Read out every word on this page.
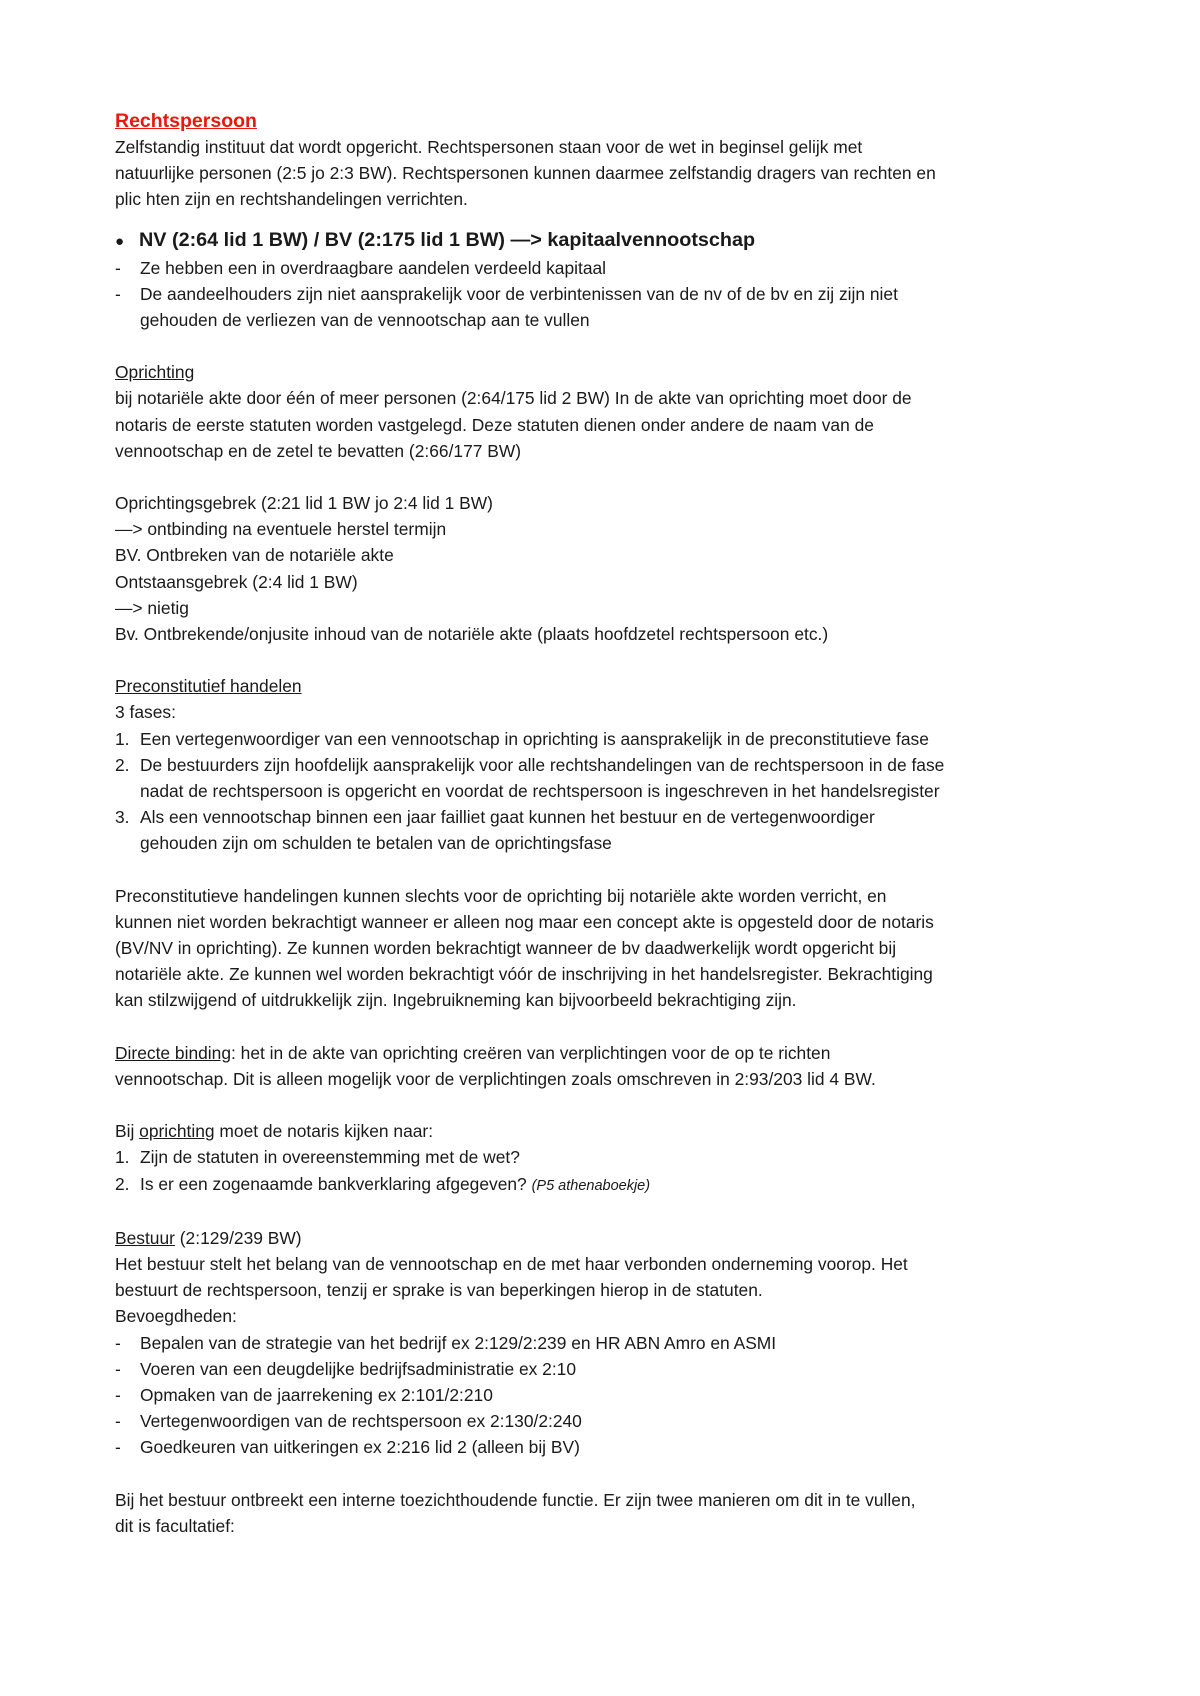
Rechtspersoon

Zelfstandig instituut dat wordt opgericht. Rechtspersonen staan voor de wet in beginsel gelijk met

natuurlijke personen (2:5 jo 2:3 BW). Rechtspersonen kunnen daarmee zelfstandig dragers van rechten en

plic hten zijn en rechtshandelingen verrichten.

● NV (2:64 lid 1 BW) / BV (2:175 lid 1 BW) —> kapitaalvennootschap
-	Ze hebben een in overdraagbare aandelen verdeeld kapitaal

-	De aandeelhouders zijn niet aansprakelijk voor de verbintenissen van de nv of de bv en zij zijn niet

gehouden de verliezen van de vennootschap aan te vullen

Oprichting

bij notariële akte door één of meer personen (2:64/175 lid 2 BW) In de akte van oprichting moet door de

notaris de eerste statuten worden vastgelegd. Deze statuten dienen onder andere de naam van de

vennootschap en de zetel te bevatten (2:66/177 BW)

Oprichtingsgebrek (2:21 lid 1 BW jo 2:4 lid 1 BW)

—> ontbinding na eventuele herstel termijn

BV. Ontbreken van de notariële akte

Ontstaansgebrek (2:4 lid 1 BW)

—> nietig

Bv. Ontbrekende/onjusite inhoud van de notariële akte (plaats hoofdzetel rechtspersoon etc.)

Preconstitutief handelen

3 fases:

1. Een vertegenwoordiger van een vennootschap in oprichting is aansprakelijk in de preconstitutieve fase

2. De bestuurders zijn hoofdelijk aansprakelijk voor alle rechtshandelingen van de rechtspersoon in de fase

nadat de rechtspersoon is opgericht en voordat de rechtspersoon is ingeschreven in het handelsregister

3. Als een vennootschap binnen een jaar failliet gaat kunnen het bestuur en de vertegenwoordiger

gehouden zijn om schulden te betalen van de oprichtingsfase

Preconstitutieve handelingen kunnen slechts voor de oprichting bij notariële akte worden verricht, en

kunnen niet worden bekrachtigt wanneer er alleen nog maar een concept akte is opgesteld door de notaris

(BV/NV in oprichting). Ze kunnen worden bekrachtigt wanneer de bv daadwerkelijk wordt opgericht bij

notariële akte. Ze kunnen wel worden bekrachtigt vóór de inschrijving in het handelsregister. Bekrachtiging

kan stilzwijgend of uitdrukkelijk zijn. Ingebruikneming kan bijvoorbeeld bekrachtiging zijn.

Directe binding: het in de akte van oprichting creëren van verplichtingen voor de op te richten

vennootschap. Dit is alleen mogelijk voor de verplichtingen zoals omschreven in 2:93/203 lid 4 BW.

Bij oprichting moet de notaris kijken naar:

1. Zijn de statuten in overeenstemming met de wet?

2. Is er een zogenaamde bankverklaring afgegeven? (P5 athenaboekje)

Bestuur (2:129/239 BW)

Het bestuur stelt het belang van de vennootschap en de met haar verbonden onderneming voorop. Het

bestuurt de rechtspersoon, tenzij er sprake is van beperkingen hierop in de statuten.

Bevoegdheden:

-	Bepalen van de strategie van het bedrijf ex 2:129/2:239 en HR ABN Amro en ASMI

-	Voeren van een deugdelijke bedrijfsadministratie ex 2:10

-	Opmaken van de jaarrekening ex 2:101/2:210

-	Vertegenwoordigen van de rechtspersoon ex 2:130/2:240

-	Goedkeuren van uitkeringen ex 2:216 lid 2 (alleen bij BV)

Bij het bestuur ontbreekt een interne toezichthoudende functie. Er zijn twee manieren om dit in te vullen,

dit is facultatief:
